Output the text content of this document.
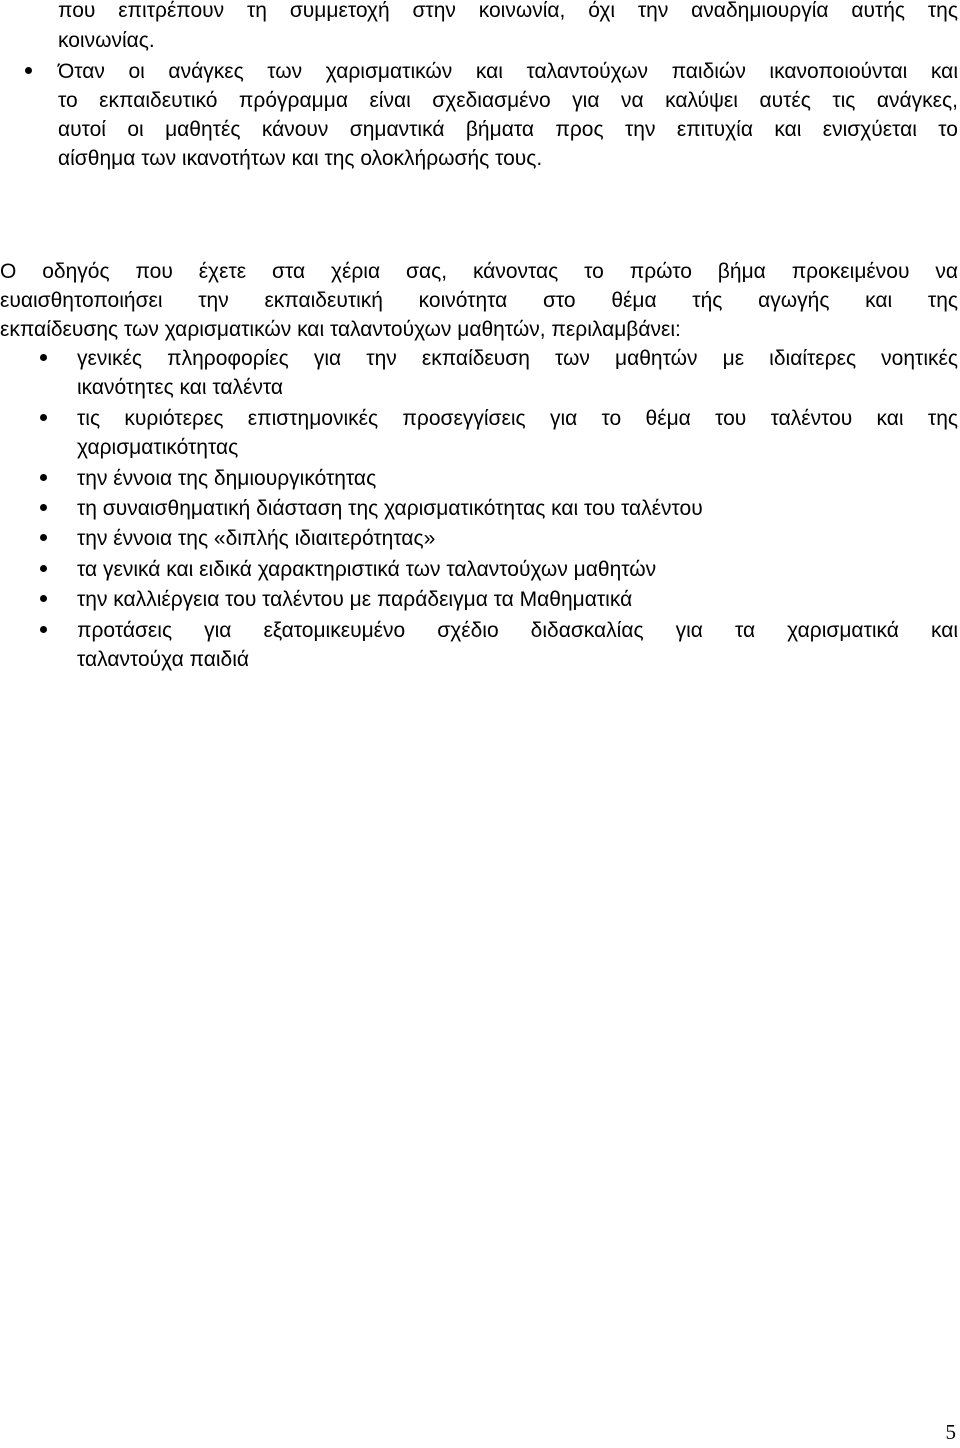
που επιτρέπουν τη συμμετοχή στην κοινωνία, όχι την αναδημιουργία αυτής της
κοινωνίας.
Όταν οι ανάγκες των χαρισματικών και ταλαντούχων παιδιών ικανοποιούνται και
το εκπαιδευτικό πρόγραμμα είναι σχεδιασμένο για να καλύψει αυτές τις ανάγκες,
αυτοί οι μαθητές κάνουν σημαντικά βήματα προς την επιτυχία και ενισχύεται το
αίσθημα των ικανοτήτων και της ολοκλήρωσής τους.
Ο οδηγός που έχετε στα χέρια σας, κάνοντας το πρώτο βήμα προκειμένου να
ευαισθητοποιήσει την εκπαιδευτική κοινότητα στο θέμα τής αγωγής και της
εκπαίδευσης των χαρισματικών και ταλαντούχων μαθητών, περιλαμβάνει:
γενικές πληροφορίες για την εκπαίδευση των μαθητών με ιδιαίτερες νοητικές
ικανότητες και ταλέντα
τις κυριότερες επιστημονικές προσεγγίσεις για το θέμα του ταλέντου και της
χαρισματικότητας
την έννοια της δημιουργικότητας
τη συναισθηματική διάσταση της χαρισματικότητας και του ταλέντου
την έννοια της «διπλής ιδιαιτερότητας»
τα γενικά και ειδικά χαρακτηριστικά των ταλαντούχων μαθητών
την καλλιέργεια του ταλέντου με παράδειγμα τα Μαθηματικά
προτάσεις για εξατομικευμένο σχέδιο διδασκαλίας για τα χαρισματικά και
ταλαντούχα παιδιά
5
